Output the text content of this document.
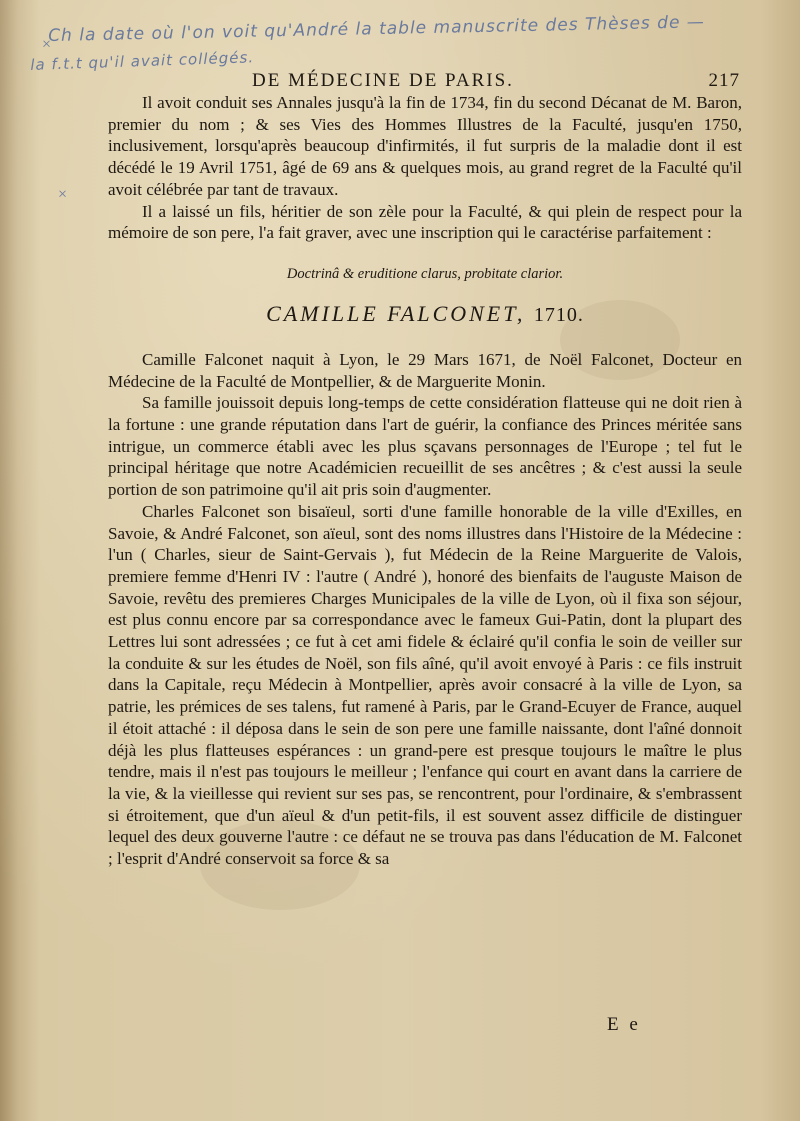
×
Ch la date où l'on voit qu'André la table manuscrite des Thèses de —
la f.t.t qu'il avait collégés.
×
DE MÉDECINE DE PARIS.	217

Il avoit conduit ses Annales jusqu'à la fin de 1734, fin du second Décanat de M. Baron, premier du nom ; & ses Vies des Hommes Illustres de la Faculté, jusqu'en 1750, inclusivement, lorsqu'après beaucoup d'infirmités, il fut surpris de la maladie dont il est décédé le 19 Avril 1751, âgé de 69 ans & quelques mois, au grand regret de la Faculté qu'il avoit célébrée par tant de travaux.

Il a laissé un fils, héritier de son zèle pour la Faculté, & qui plein de respect pour la mémoire de son pere, l'a fait graver, avec une inscription qui le caractérise parfaitement :

Doctrinâ & eruditione clarus, probitate clarior.

CAMILLE FALCONET, 1710.

Camille Falconet naquit à Lyon, le 29 Mars 1671, de Noël Falconet, Docteur en Médecine de la Faculté de Montpellier, & de Marguerite Monin.

Sa famille jouissoit depuis long-temps de cette considération flatteuse qui ne doit rien à la fortune : une grande réputation dans l'art de guérir, la confiance des Princes méritée sans intrigue, un commerce établi avec les plus sçavans personnages de l'Europe ; tel fut le principal héritage que notre Académicien recueillit de ses ancêtres ; & c'est aussi la seule portion de son patrimoine qu'il ait pris soin d'augmenter.

Charles Falconet son bisaïeul, sorti d'une famille honorable de la ville d'Exilles, en Savoie, & André Falconet, son aïeul, sont des noms illustres dans l'Histoire de la Médecine : l'un ( Charles, sieur de Saint-Gervais ), fut Médecin de la Reine Marguerite de Valois, premiere femme d'Henri IV : l'autre ( André ), honoré des bienfaits de l'auguste Maison de Savoie, revêtu des premieres Charges Municipales de la ville de Lyon, où il fixa son séjour, est plus connu encore par sa correspondance avec le fameux Gui-Patin, dont la plupart des Lettres lui sont adressées ; ce fut à cet ami fidele & éclairé qu'il confia le soin de veiller sur la conduite & sur les études de Noël, son fils aîné, qu'il avoit envoyé à Paris : ce fils instruit dans la Capitale, reçu Médecin à Montpellier, après avoir consacré à la ville de Lyon, sa patrie, les prémices de ses talens, fut ramené à Paris, par le Grand-Ecuyer de France, auquel il étoit attaché : il déposa dans le sein de son pere une famille naissante, dont l'aîné donnoit déjà les plus flatteuses espérances : un grand-pere est presque toujours le maître le plus tendre, mais il n'est pas toujours le meilleur ; l'enfance qui court en avant dans la carriere de la vie, & la vieillesse qui revient sur ses pas, se rencontrent, pour l'ordinaire, & s'embrassent si étroitement, que d'un aïeul & d'un petit-fils, il est souvent assez difficile de distinguer lequel des deux gouverne l'autre : ce défaut ne se trouva pas dans l'éducation de M. Falconet ; l'esprit d'André conservoit sa force & sa

E e
